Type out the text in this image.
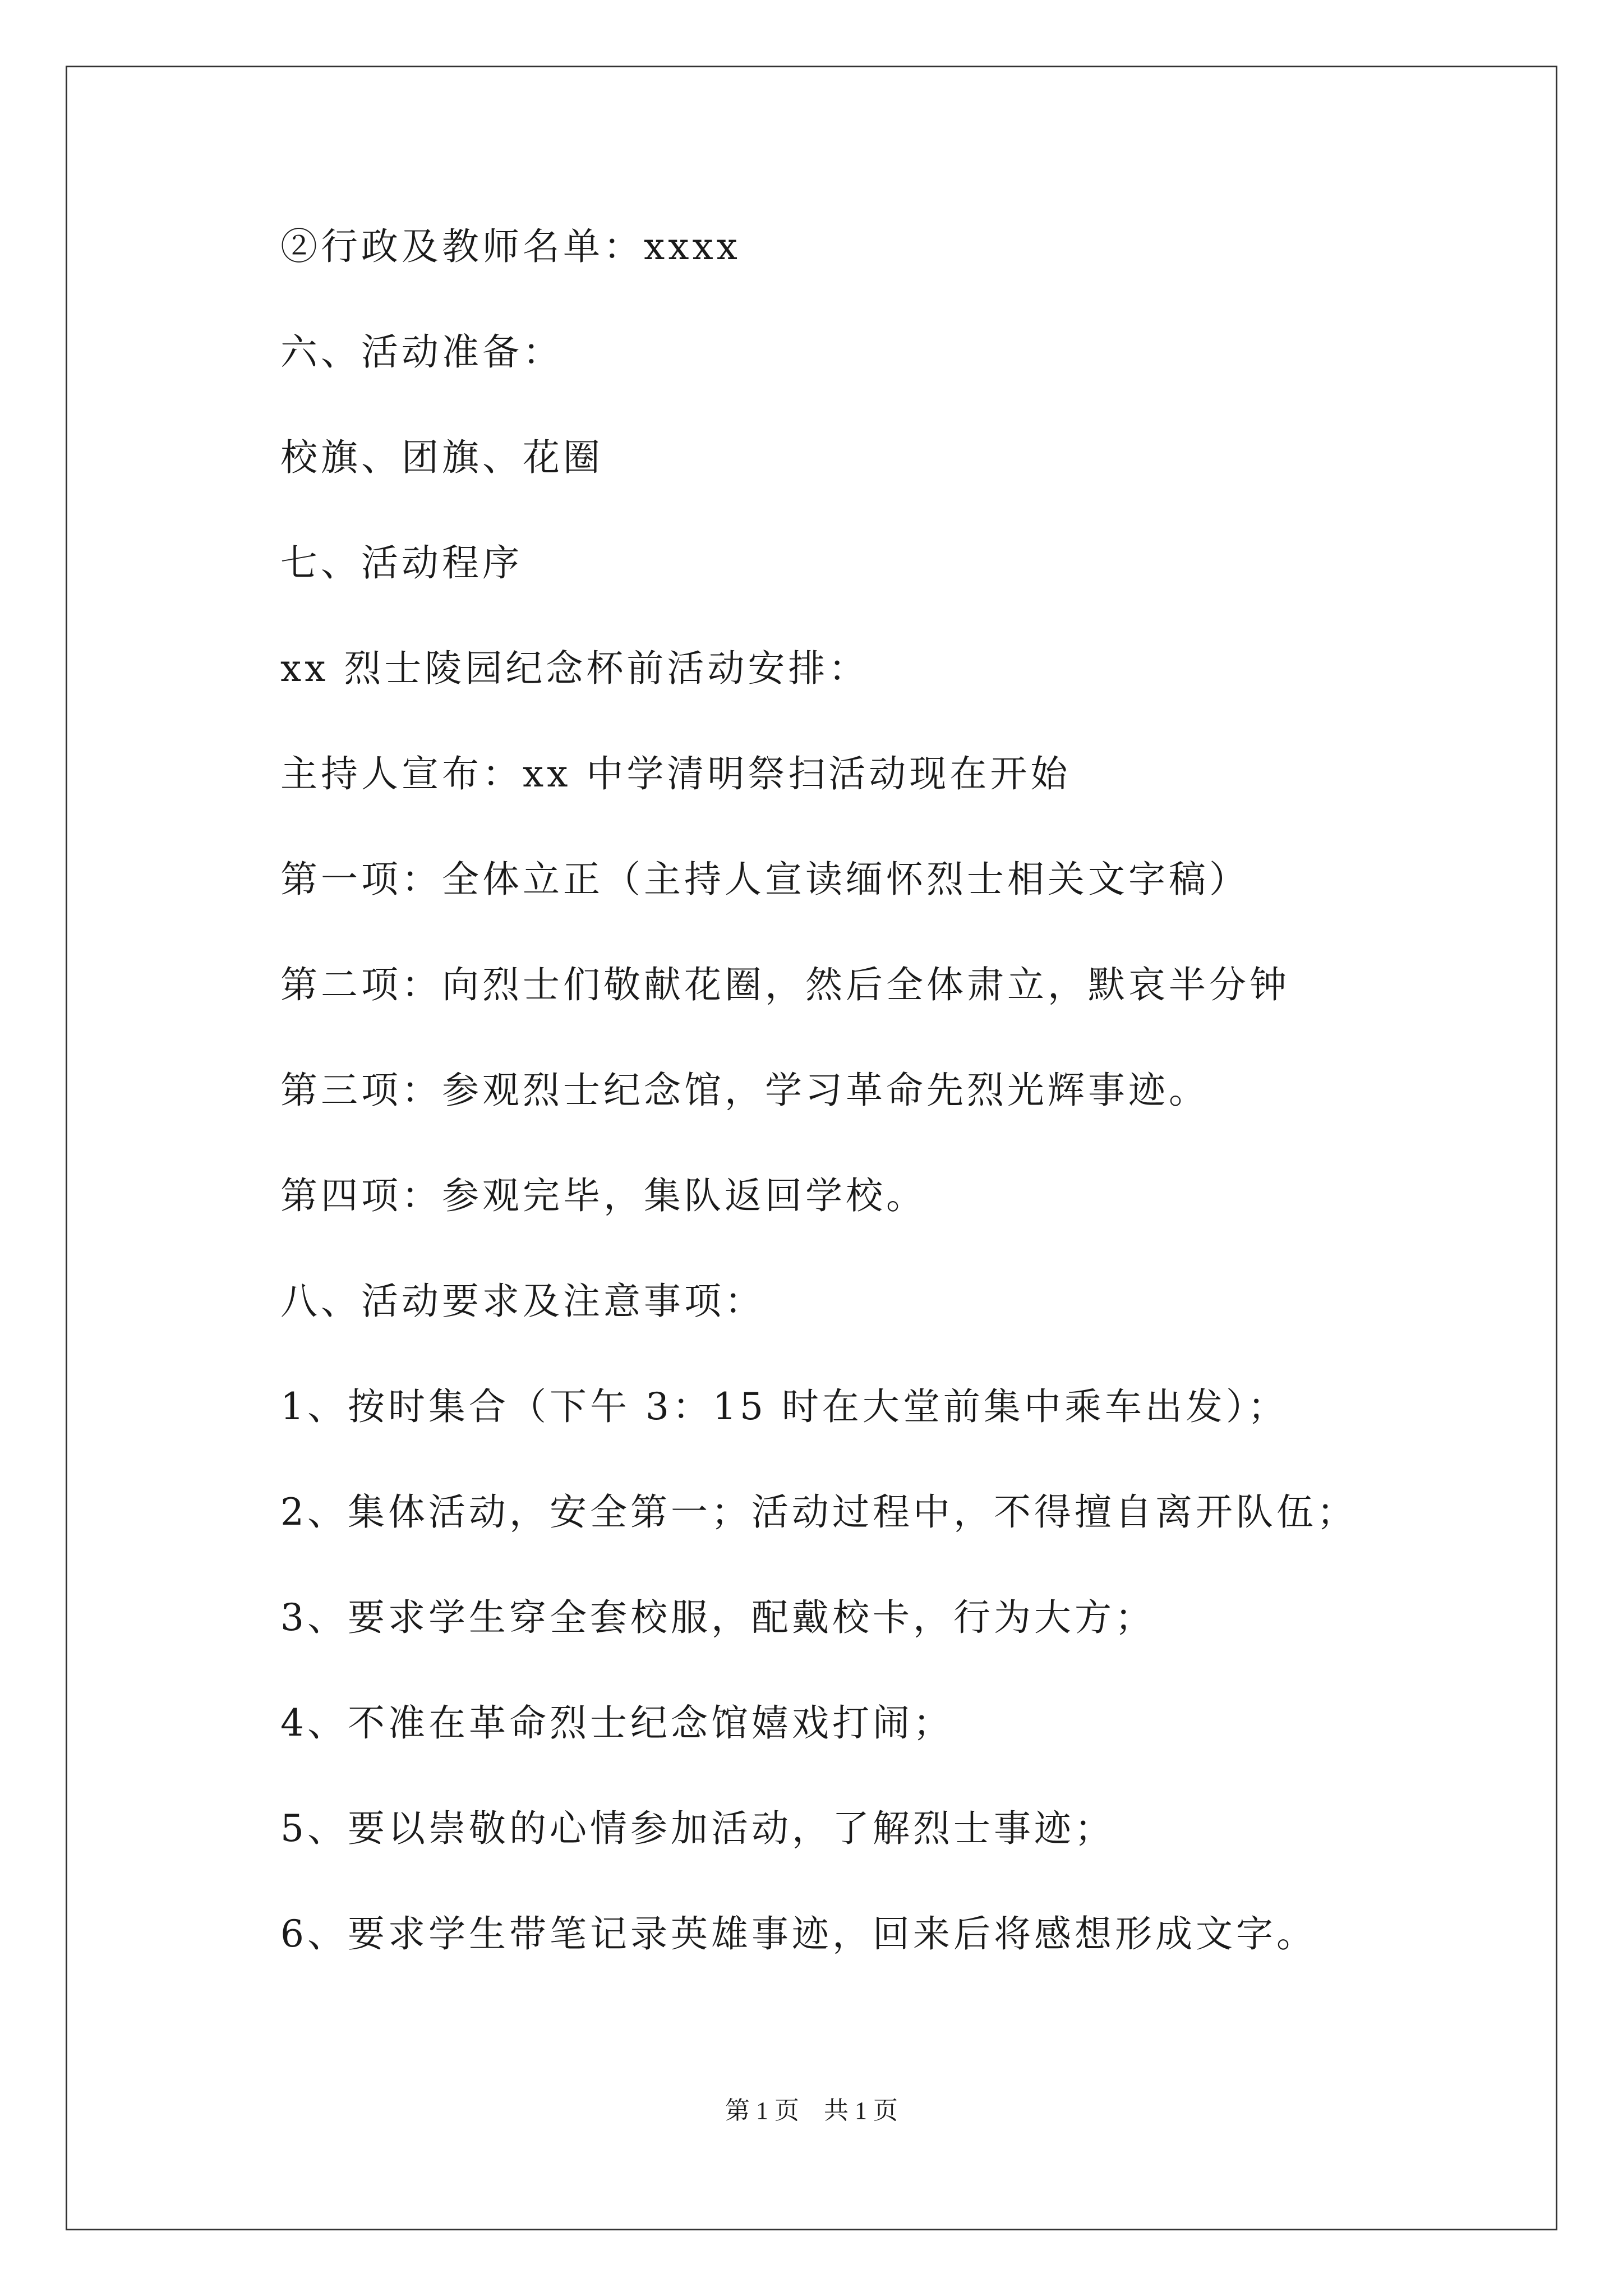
②行政及教师名单：xxxx
六、活动准备：
校旗、团旗、花圈
七、活动程序
xx 烈士陵园纪念杯前活动安排：
主持人宣布：xx 中学清明祭扫活动现在开始
第一项：全体立正（主持人宣读缅怀烈士相关文字稿）
第二项：向烈士们敬献花圈，然后全体肃立，默哀半分钟
第三项：参观烈士纪念馆，学习革命先烈光辉事迹。
第四项：参观完毕，集队返回学校。
八、活动要求及注意事项：
1、按时集合（下午 3：15 时在大堂前集中乘车出发）；
2、集体活动，安全第一；活动过程中，不得擅自离开队伍；
3、要求学生穿全套校服，配戴校卡，行为大方；
4、不准在革命烈士纪念馆嬉戏打闹；
5、要以崇敬的心情参加活动，了解烈士事迹；
6、要求学生带笔记录英雄事迹，回来后将感想形成文字。
第 1 页　共 1 页
